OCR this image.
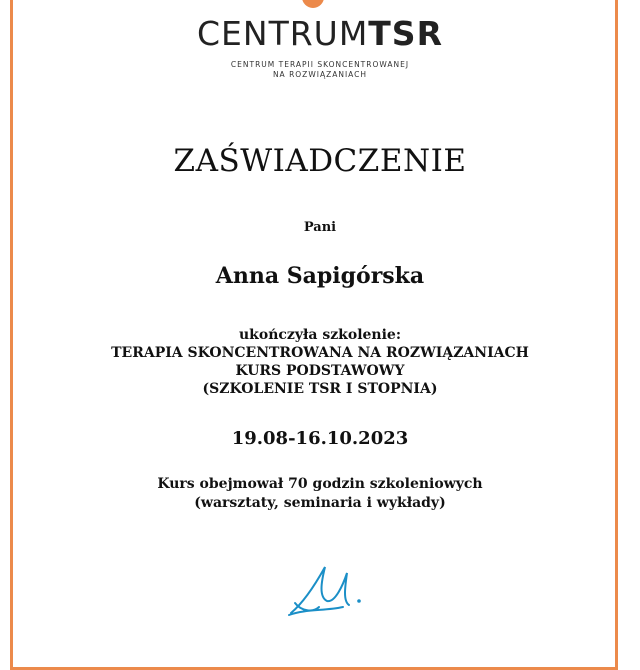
CENTRUMTSR
CENTRUM TERAPII SKONCENTROWANEJ
NA ROZWIĄZANIACH
ZAŚWIADCZENIE
Pani
Anna Sapigórska
ukończyła szkolenie:
TERAPIA SKONCENTROWANA NA ROZWIĄZANIACH
KURS PODSTAWOWY
(SZKOLENIE TSR I STOPNIA)
19.08-16.10.2023
Kurs obejmował 70 godzin szkoleniowych
(warsztaty, seminaria i wykłady)
